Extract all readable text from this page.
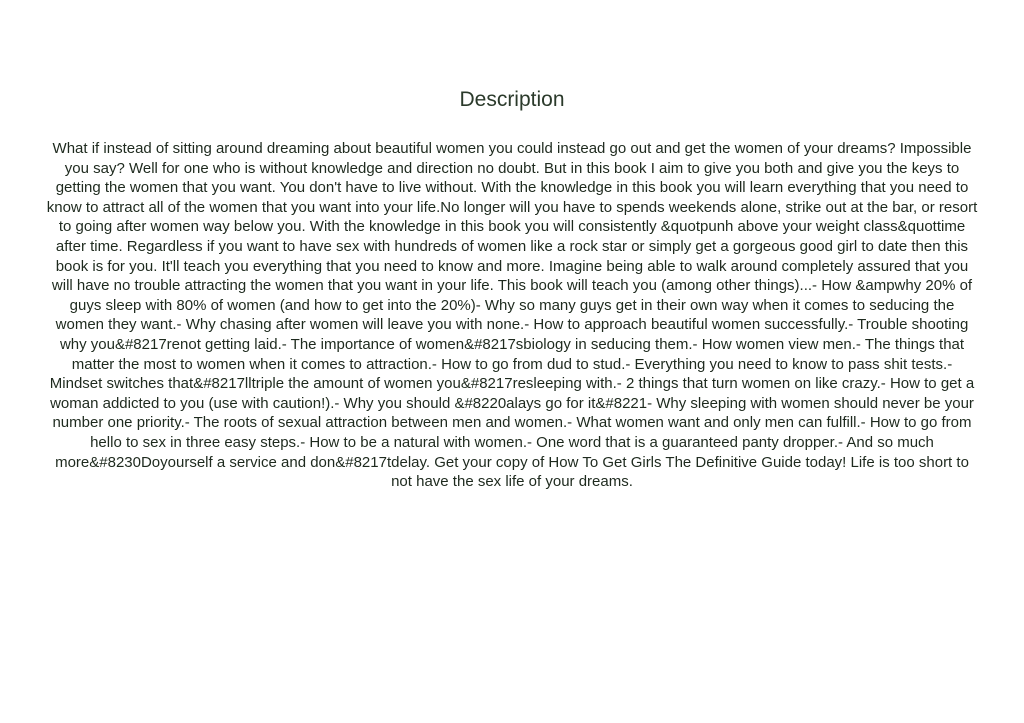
Description
What if instead of sitting around dreaming about beautiful women you could instead go out and get the women of your dreams? Impossible you say? Well for one who is without knowledge and direction no doubt. But in this book I aim to give you both and give you the keys to getting the women that you want. You don't have to live without. With the knowledge in this book you will learn everything that you need to know to attract all of the women that you want into your life.No longer will you have to spends weekends alone, strike out at the bar, or resort to going after women way below you. With the knowledge in this book you will consistently &quotpunh above your weight class&quottime after time. Regardless if you want to have sex with hundreds of women like a rock star or simply get a gorgeous good girl to date then this book is for you. It'll teach you everything that you need to know and more. Imagine being able to walk around completely assured that you will have no trouble attracting the women that you want in your life. This book will teach you (among other things)...- How &ampwhy 20% of guys sleep with 80% of women (and how to get into the 20%)- Why so many guys get in their own way when it comes to seducing the women they want.- Why chasing after women will leave you with none.- How to approach beautiful women successfully.- Trouble shooting why you&#8217renot getting laid.- The importance of women&#8217sbiology in seducing them.- How women view men.- The things that matter the most to women when it comes to attraction.- How to go from dud to stud.- Everything you need to know to pass shit tests.- Mindset switches that&#8217lltriple the amount of women you&#8217resleeping with.- 2 things that turn women on like crazy.- How to get a woman addicted to you (use with caution!).- Why you should &#8220alays go for it&#8221- Why sleeping with women should never be your number one priority.- The roots of sexual attraction between men and women.- What women want and only men can fulfill.- How to go from hello to sex in three easy steps.- How to be a natural with women.- One word that is a guaranteed panty dropper.- And so much more&#8230Doyourself a service and don&#8217tdelay. Get your copy of How To Get Girls The Definitive Guide today! Life is too short to not have the sex life of your dreams.
